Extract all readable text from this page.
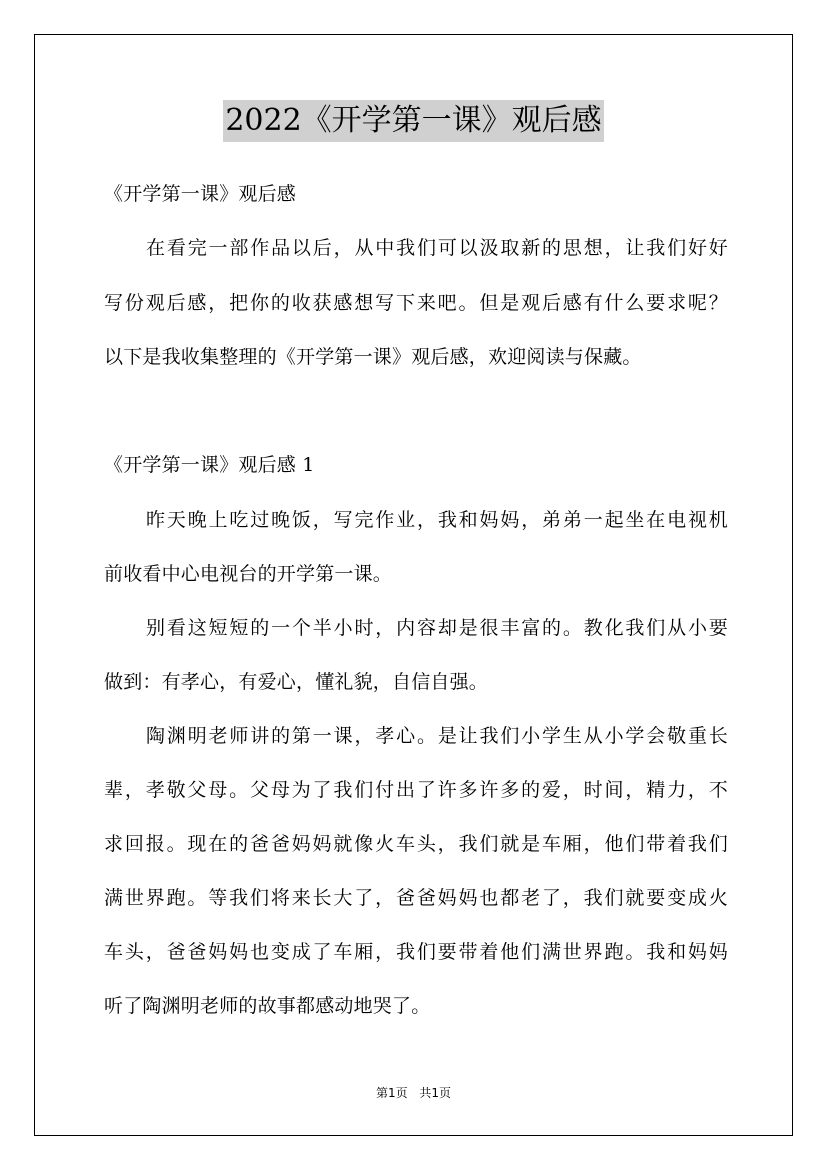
2022《开学第一课》观后感
《开学第一课》观后感
在看完一部作品以后，从中我们可以汲取新的思想，让我们好好
写份观后感，把你的收获感想写下来吧。但是观后感有什么要求呢？
以下是我收集整理的《开学第一课》观后感，欢迎阅读与保藏。
《开学第一课》观后感 1
昨天晚上吃过晚饭，写完作业，我和妈妈，弟弟一起坐在电视机
前收看中心电视台的开学第一课。
别看这短短的一个半小时，内容却是很丰富的。教化我们从小要
做到：有孝心，有爱心，懂礼貌，自信自强。
陶渊明老师讲的第一课，孝心。是让我们小学生从小学会敬重长
辈，孝敬父母。父母为了我们付出了许多许多的爱，时间，精力，不
求回报。现在的爸爸妈妈就像火车头，我们就是车厢，他们带着我们
满世界跑。等我们将来长大了，爸爸妈妈也都老了，我们就要变成火
车头，爸爸妈妈也变成了车厢，我们要带着他们满世界跑。我和妈妈
听了陶渊明老师的故事都感动地哭了。
第1页 共1页
